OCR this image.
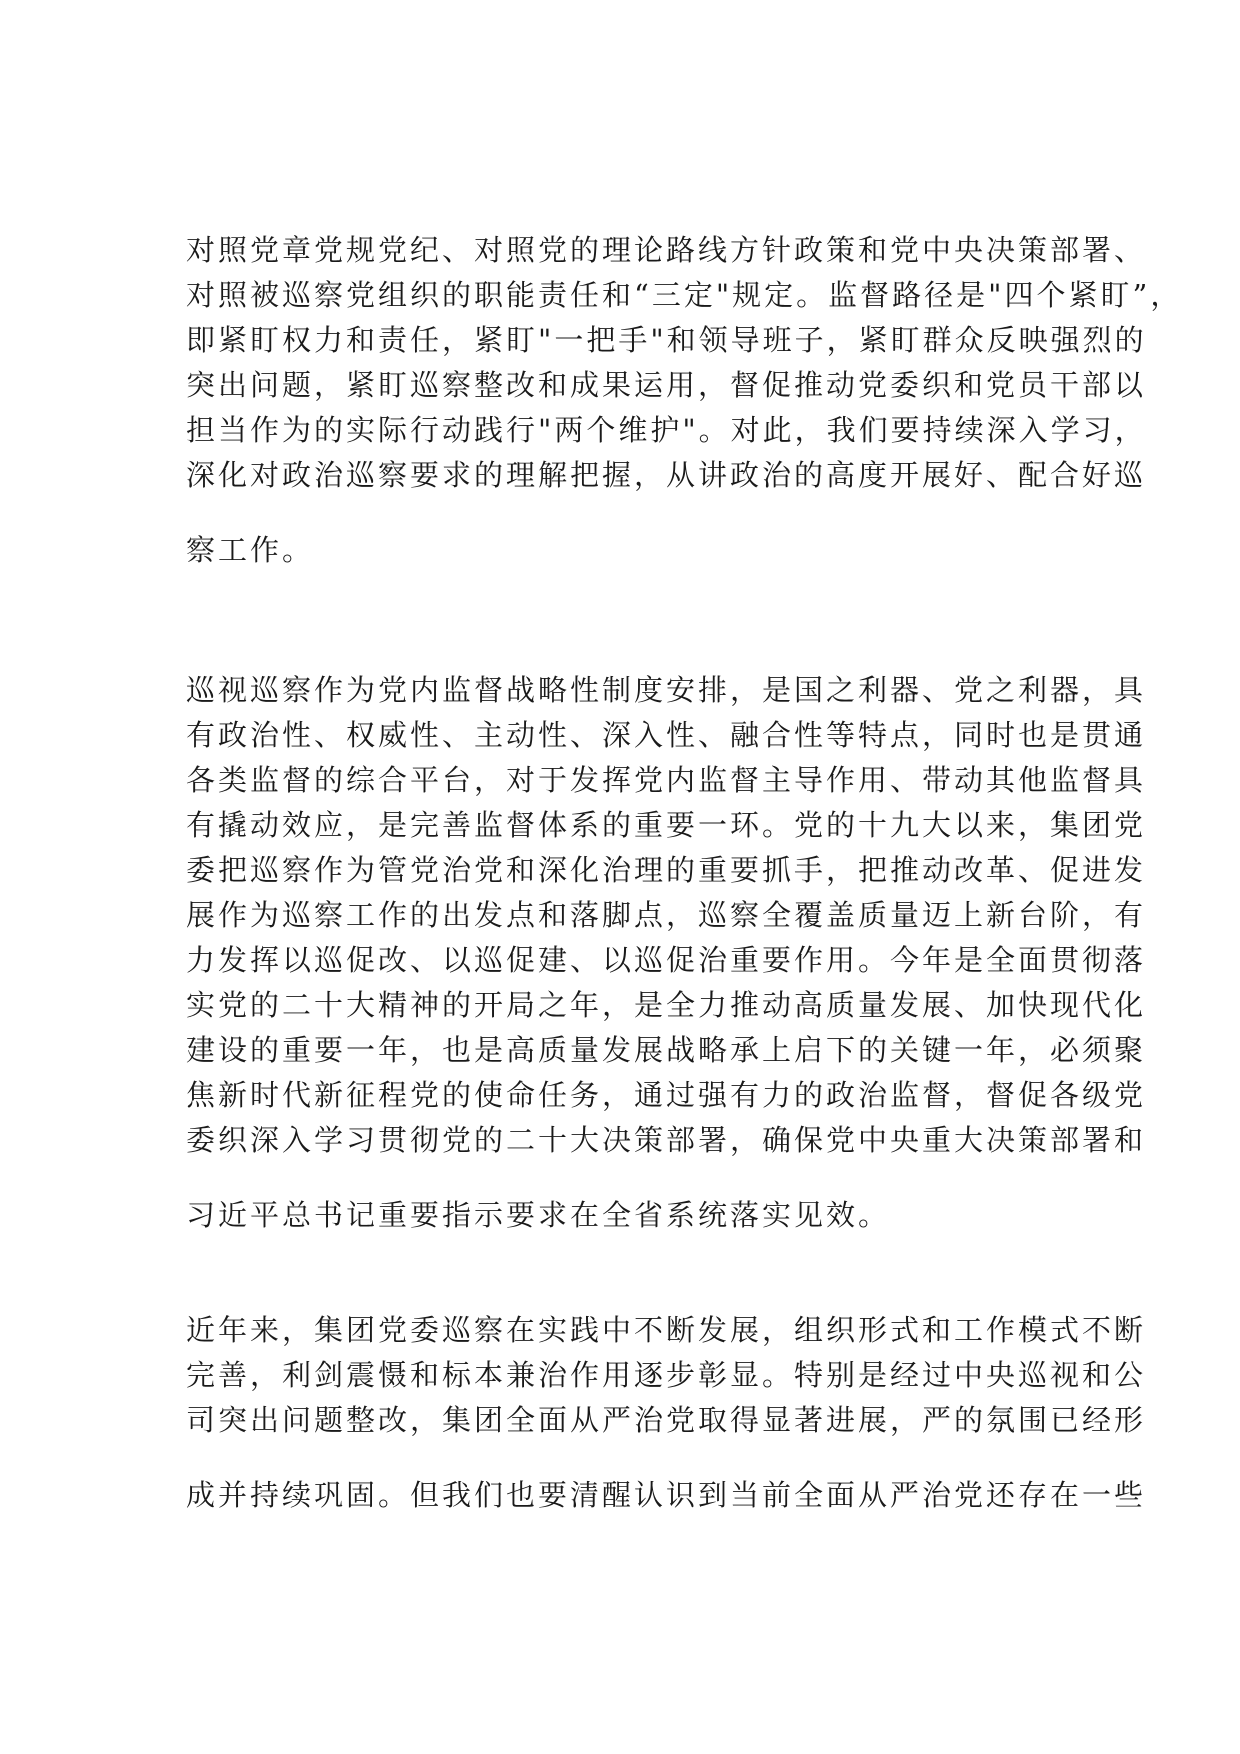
对照党章党规党纪、对照党的理论路线方针政策和党中央决策部署、
对照被巡察党组织的职能责任和“三定"规定。监督路径是"四个紧盯”，
即紧盯权力和责任，紧盯"一把手"和领导班子，紧盯群众反映强烈的
突出问题，紧盯巡察整改和成果运用，督促推动党委织和党员干部以
担当作为的实际行动践行"两个维护"。对此，我们要持续深入学习，
深化对政治巡察要求的理解把握，从讲政治的高度开展好、配合好巡
察工作。
巡视巡察作为党内监督战略性制度安排，是国之利器、党之利器，具
有政治性、权威性、主动性、深入性、融合性等特点，同时也是贯通
各类监督的综合平台，对于发挥党内监督主导作用、带动其他监督具
有撬动效应，是完善监督体系的重要一环。党的十九大以来，集团党
委把巡察作为管党治党和深化治理的重要抓手，把推动改革、促进发
展作为巡察工作的出发点和落脚点，巡察全覆盖质量迈上新台阶，有
力发挥以巡促改、以巡促建、以巡促治重要作用。今年是全面贯彻落
实党的二十大精神的开局之年，是全力推动高质量发展、加快现代化
建设的重要一年，也是高质量发展战略承上启下的关键一年，必须聚
焦新时代新征程党的使命任务，通过强有力的政治监督，督促各级党
委织深入学习贯彻党的二十大决策部署，确保党中央重大决策部署和
习近平总书记重要指示要求在全省系统落实见效。
近年来，集团党委巡察在实践中不断发展，组织形式和工作模式不断
完善，利剑震慑和标本兼治作用逐步彰显。特别是经过中央巡视和公
司突出问题整改，集团全面从严治党取得显著进展，严的氛围已经形
成并持续巩固。但我们也要清醒认识到当前全面从严治党还存在一些
